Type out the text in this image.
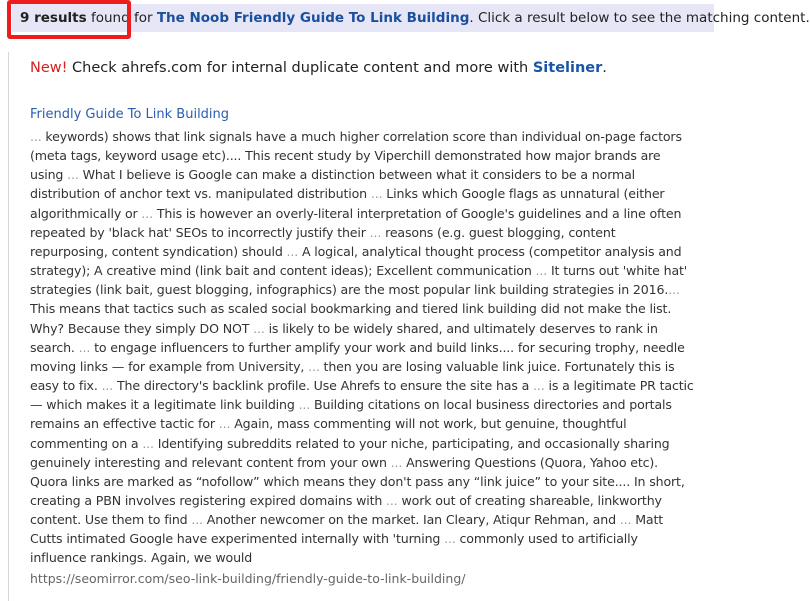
9 results found for The Noob Friendly Guide To Link Building. Click a result below to see the matching content.
New! Check ahrefs.com for internal duplicate content and more with Siteliner.
Friendly Guide To Link Building
... keywords) shows that link signals have a much higher correlation score than individual on-page factors
(meta tags, keyword usage etc).... This recent study by Viperchill demonstrated how major brands are
using ... What I believe is Google can make a distinction between what it considers to be a normal
distribution of anchor text vs. manipulated distribution ... Links which Google flags as unnatural (either
algorithmically or ... This is however an overly-literal interpretation of Google's guidelines and a line often
repeated by 'black hat' SEOs to incorrectly justify their ... reasons (e.g. guest blogging, content
repurposing, content syndication) should ... A logical, analytical thought process (competitor analysis and
strategy); A creative mind (link bait and content ideas); Excellent communication ... It turns out 'white hat'
strategies (link bait, guest blogging, infographics) are the most popular link building strategies in 2016....
This means that tactics such as scaled social bookmarking and tiered link building did not make the list.
Why? Because they simply DO NOT ... is likely to be widely shared, and ultimately deserves to rank in
search. ... to engage influencers to further amplify your work and build links.... for securing trophy, needle
moving links — for example from University, ... then you are losing valuable link juice. Fortunately this is
easy to fix. ... The directory's backlink profile. Use Ahrefs to ensure the site has a ... is a legitimate PR tactic
— which makes it a legitimate link building ... Building citations on local business directories and portals
remains an effective tactic for ... Again, mass commenting will not work, but genuine, thoughtful
commenting on a ... Identifying subreddits related to your niche, participating, and occasionally sharing
genuinely interesting and relevant content from your own ... Answering Questions (Quora, Yahoo etc).
Quora links are marked as “nofollow” which means they don't pass any “link juice” to your site.... In short,
creating a PBN involves registering expired domains with ... work out of creating shareable, linkworthy
content. Use them to find ... Another newcomer on the market. Ian Cleary, Atiqur Rehman, and ... Matt
Cutts intimated Google have experimented internally with 'turning ... commonly used to artificially
influence rankings. Again, we would
https://seomirror.com/seo-link-building/friendly-guide-to-link-building/
